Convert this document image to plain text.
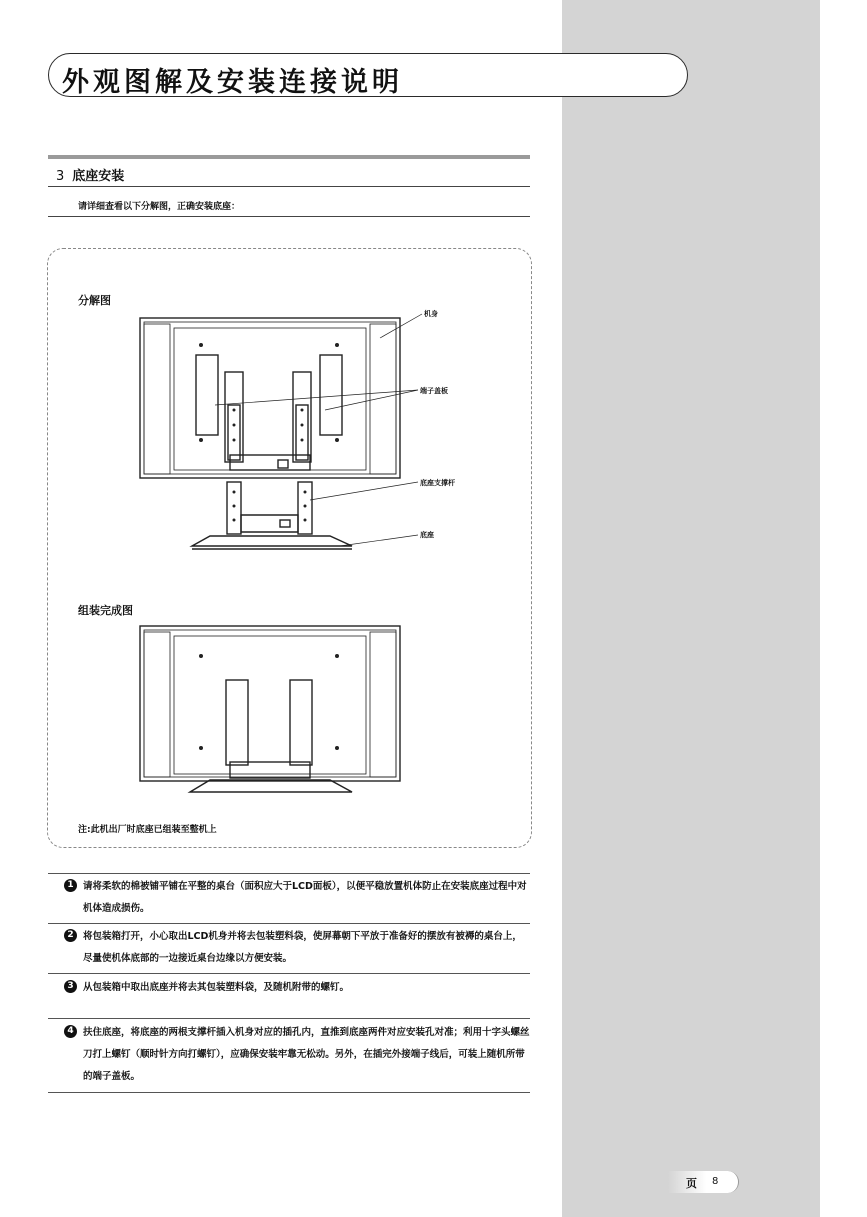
外观图解及安装连接说明
3 底座安装
请详细查看以下分解图，正确安装底座：
分解图
机身
端子盖板
底座支撑杆
底座
组装完成图
注:此机出厂时底座已组装至整机上
1 请将柔软的棉被铺平铺在平整的桌台（面积应大于LCD面板），以便平稳放置机体防止在安装底座过程中对机体造成损伤。
2 将包装箱打开，小心取出LCD机身并将去包装塑料袋，使屏幕朝下平放于准备好的摆放有被褥的桌台上，尽量使机体底部的一边接近桌台边缘以方便安装。
3 从包装箱中取出底座并将去其包装塑料袋，及随机附带的螺钉。
4 扶住底座，将底座的两根支撑杆插入机身对应的插孔内，直推到底座两件对应安装孔对准；利用十字头螺丝刀打上螺钉（顺时针方向打螺钉），应确保安装牢靠无松动。另外，在插完外接端子线后，可装上随机所带的端子盖板。
页 8
